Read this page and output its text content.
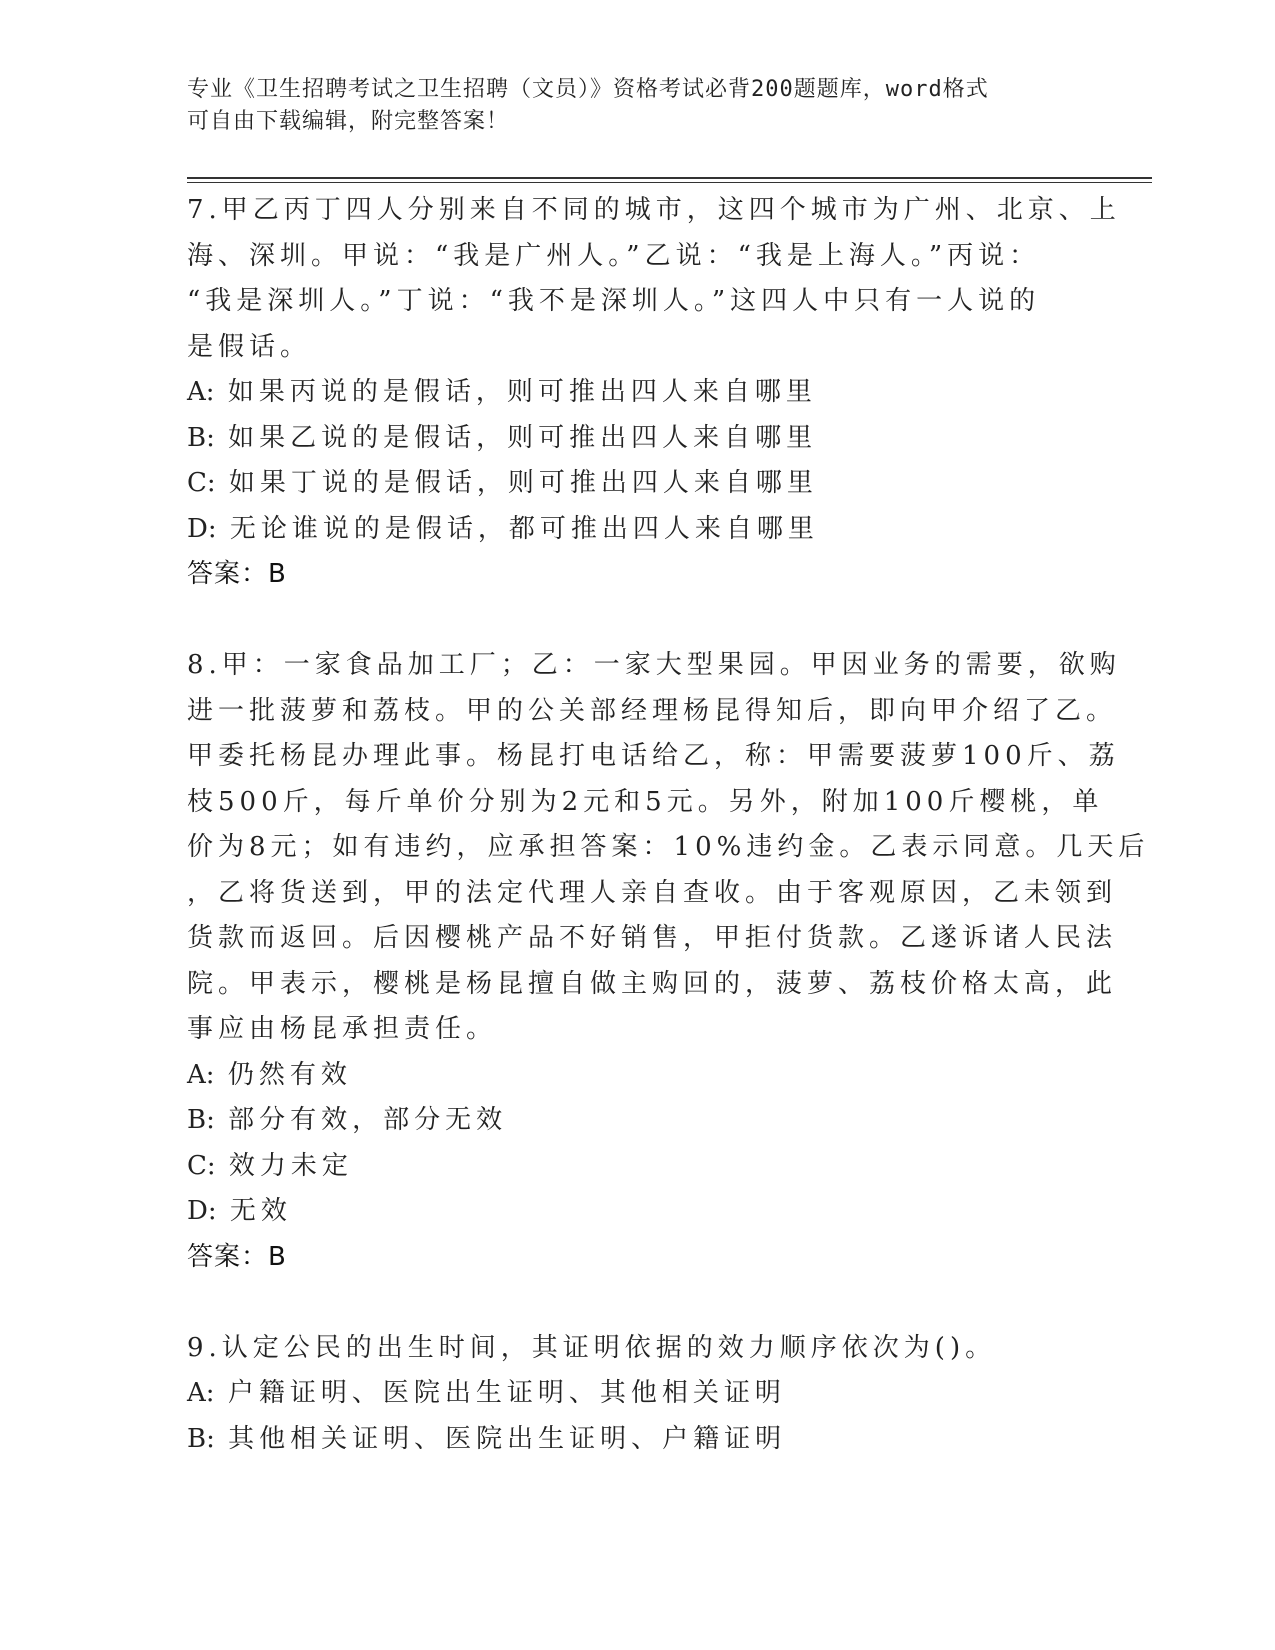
专业《卫生招聘考试之卫生招聘（文员）》资格考试必背200题题库，word格式

可自由下载编辑，附完整答案！

7.甲乙丙丁四人分别来自不同的城市，这四个城市为广州、北京、上

海、深圳。甲说：“我是广州人。”乙说：“我是上海人。”丙说：

“我是深圳人。”丁说：“我不是深圳人。”这四人中只有一人说的

是假话。

A: 如果丙说的是假话，则可推出四人来自哪里

B: 如果乙说的是假话，则可推出四人来自哪里

C: 如果丁说的是假话，则可推出四人来自哪里

D: 无论谁说的是假话，都可推出四人来自哪里

答案：B

8.甲：一家食品加工厂；乙：一家大型果园。甲因业务的需要，欲购

进一批菠萝和荔枝。甲的公关部经理杨昆得知后，即向甲介绍了乙。

甲委托杨昆办理此事。杨昆打电话给乙，称：甲需要菠萝100斤、荔

枝500斤，每斤单价分别为2元和5元。另外，附加100斤樱桃，单

价为8元；如有违约，应承担答案：10%违约金。乙表示同意。几天后

，乙将货送到，甲的法定代理人亲自查收。由于客观原因，乙未领到

货款而返回。后因樱桃产品不好销售，甲拒付货款。乙遂诉诸人民法

院。甲表示，樱桃是杨昆擅自做主购回的，菠萝、荔枝价格太高，此

事应由杨昆承担责任。

A: 仍然有效

B: 部分有效，部分无效

C: 效力未定

D: 无效

答案：B

9.认定公民的出生时间，其证明依据的效力顺序依次为()。

A: 户籍证明、医院出生证明、其他相关证明

B: 其他相关证明、医院出生证明、户籍证明
